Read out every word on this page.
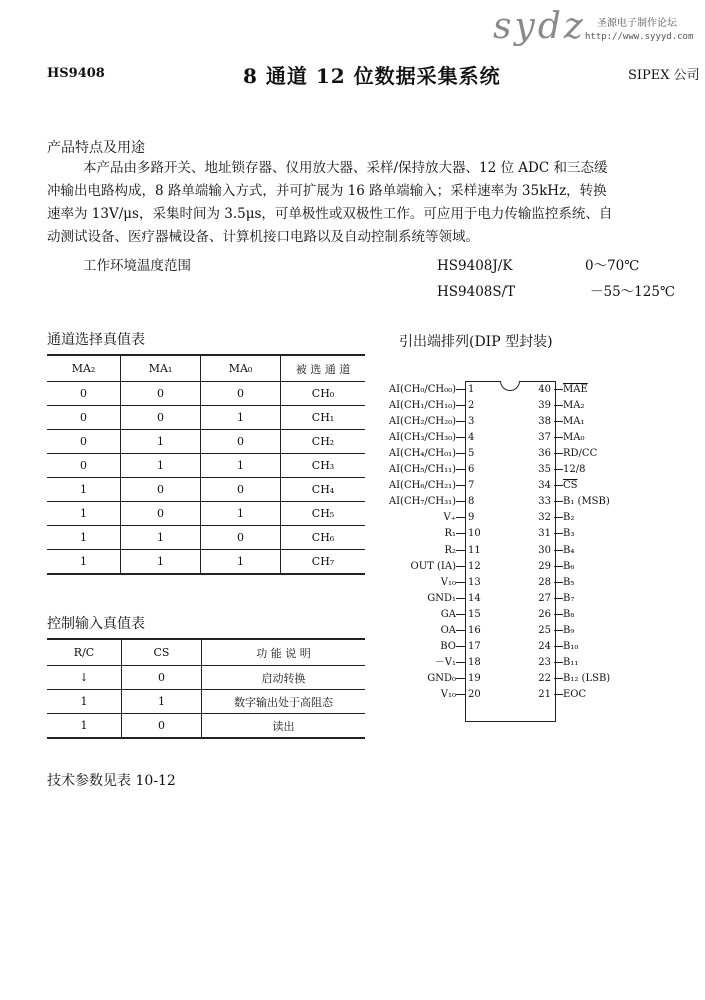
sydz 圣源电子制作论坛
http://www.syyyd.com
HS9408	8 通道 12 位数据采集系统	SIPEX 公司
产品特点及用途
本产品由多路开关、地址锁存器、仪用放大器、采样/保持放大器、12 位 ADC 和三态缓
冲输出电路构成，8 路单端输入方式，并可扩展为 16 路单端输入；采样速率为 35kHz，转换
速率为 13V/μs，采集时间为 3.5μs，可单极性或双极性工作。可应用于电力传输监控系统、自
动测试设备、医疗器械设备、计算机接口电路以及自动控制系统等领域。
工作环境温度范围	HS9408J/K	0～70℃
HS9408S/T	－55～125℃
通道选择真值表
MA₂	MA₁	MA₀	被 选 通 道
0	0	0	CH₀
0	0	1	CH₁
0	1	0	CH₂
0	1	1	CH₃
1	0	0	CH₄
1	0	1	CH₅
1	1	0	CH₆
1	1	1	CH₇
控制输入真值表
R/C	CS	功 能 说 明
↓	0	启动转换
1	1	数字输出处于高阻态
1	0	读出
引出端排列(DIP 型封装)
AI(CH₀/CH₀₀)	1
AI(CH₁/CH₁₀)	2
AI(CH₂/CH₂₀)	3
AI(CH₃/CH₃₀)	4
AI(CH₄/CH₀₁)	5
AI(CH₅/CH₁₁)	6
AI(CH₆/CH₂₁)	7
AI(CH₇/CH₃₁)	8
V₊	9
R₁	10
R₂	11
OUT (IA)	12
V₁₀	13
GND₁	14
GA	15
OA	16
BO	17
－V₁	18
GND₀	19
V₁₀	20
40	$\overline{MAE}$
39	MA₂
38	MA₁
37	MA₀
36	RD/CC
35	12/8
34	$\overline{CS}$
33	B₁ (MSB)
32	B₂
31	B₃
30	B₄
29	B₆
28	B₅
27	B₇
26	B₈
25	B₉
24	B₁₀
23	B₁₁
22	B₁₂ (LSB)
21	EOC
技术参数见表 10-12
